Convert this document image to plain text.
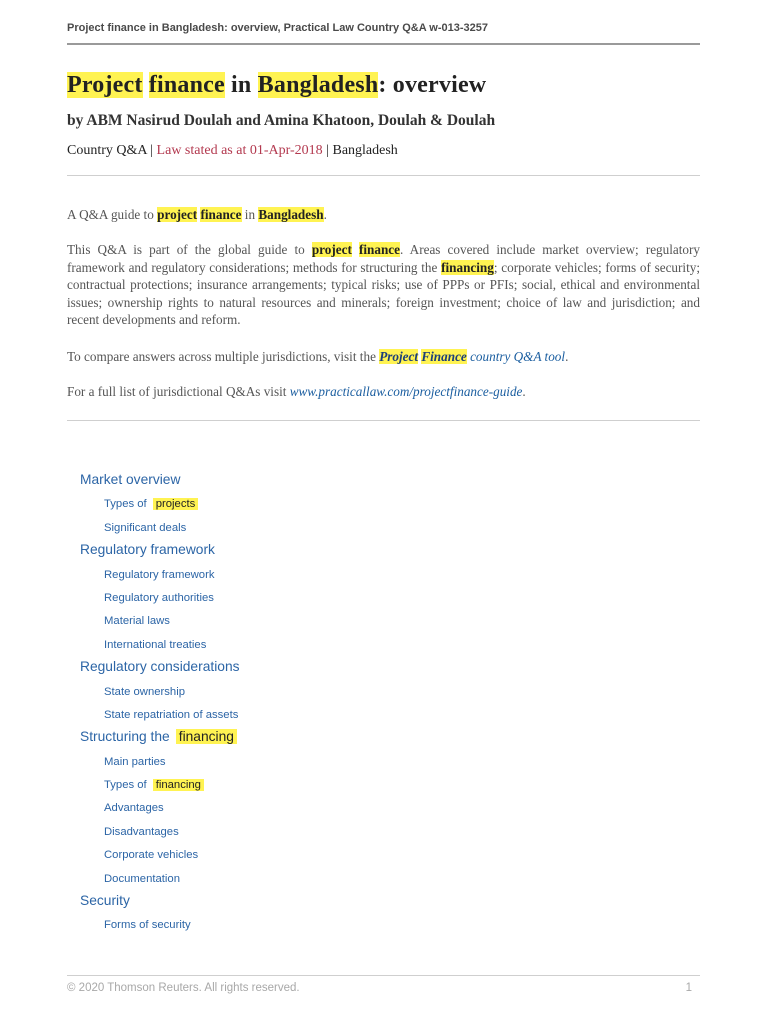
Project finance in Bangladesh: overview, Practical Law Country Q&A w-013-3257
Project finance in Bangladesh: overview
by ABM Nasirud Doulah and Amina Khatoon, Doulah & Doulah
Country Q&A | Law stated as at 01-Apr-2018 | Bangladesh

A Q&A guide to project finance in Bangladesh.

This Q&A is part of the global guide to project finance. Areas covered include market overview; regulatory framework and regulatory considerations; methods for structuring the financing; corporate vehicles; forms of security; contractual protections; insurance arrangements; typical risks; use of PPPs or PFIs; social, ethical and environmental issues; ownership rights to natural resources and minerals; foreign investment; choice of law and jurisdiction; and recent developments and reform.

To compare answers across multiple jurisdictions, visit the Project Finance country Q&A tool.

For a full list of jurisdictional Q&As visit www.practicallaw.com/projectfinance-guide.

Market overview
Types of projects
Significant deals
Regulatory framework
Regulatory framework
Regulatory authorities
Material laws
International treaties
Regulatory considerations
State ownership
State repatriation of assets
Structuring the financing
Main parties
Types of financing
Advantages
Disadvantages
Corporate vehicles
Documentation
Security
Forms of security
© 2020 Thomson Reuters. All rights reserved.	1
